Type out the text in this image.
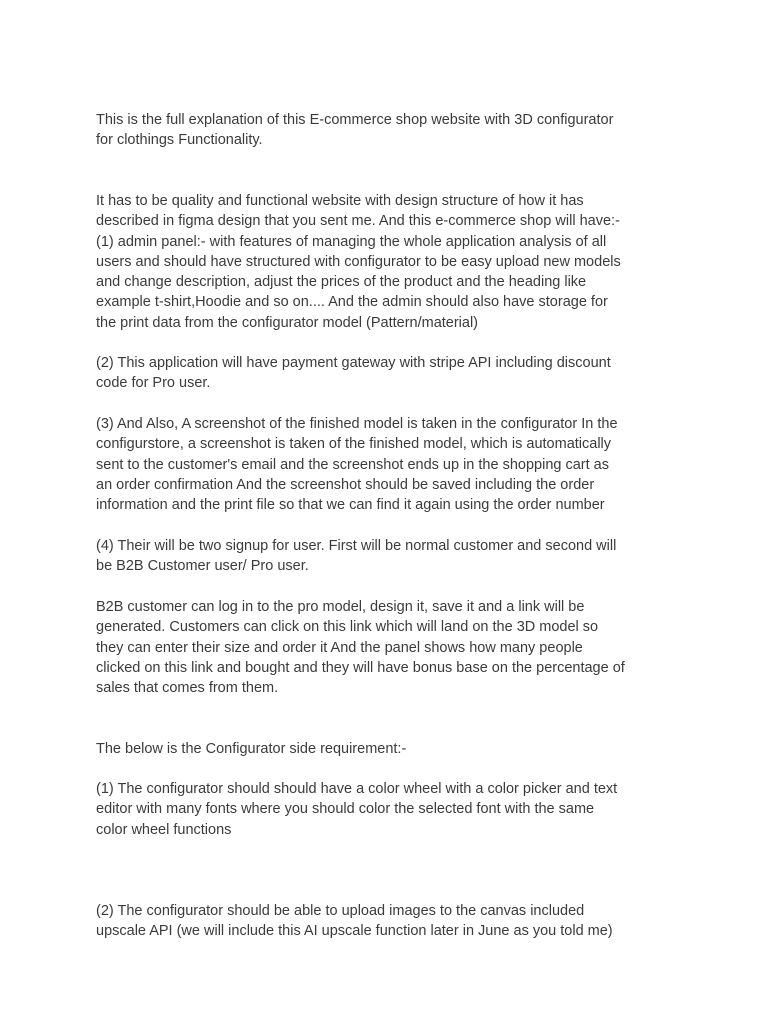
This is the full explanation of this E-commerce shop website with 3D configurator
for clothings Functionality.
It has to be quality and functional website with design structure of how it has
described in figma design that you sent me. And this e-commerce shop will have:-
(1) admin panel:- with features of managing the whole application analysis of all
users and should have structured with configurator to be easy upload new models
and change description, adjust the prices of the product and the heading like
example t-shirt,Hoodie and so on.... And the admin should also have storage for
the print data from the configurator model (Pattern/material)
(2) This application will have payment gateway with stripe API including discount
code for Pro user.
(3) And Also, A screenshot of the finished model is taken in the configurator In the
configurstore, a screenshot is taken of the finished model, which is automatically
sent to the customer's email and the screenshot ends up in the shopping cart as
an order confirmation And the screenshot should be saved including the order
information and the print file so that we can find it again using the order number
(4) Their will be two signup for user. First will be normal customer and second will
be B2B Customer user/ Pro user.
B2B customer can log in to the pro model, design it, save it and a link will be
generated. Customers can click on this link which will land on the 3D model so
they can enter their size and order it And the panel shows how many people
clicked on this link and bought and they will have bonus base on the percentage of
sales that comes from them.
The below is the Configurator side requirement:-
(1) The configurator should should have a color wheel with a color picker and text
editor with many fonts where you should color the selected font with the same
color wheel functions
(2) The configurator should be able to upload images to the canvas included
upscale API (we will include this AI upscale function later in June as you told me)
